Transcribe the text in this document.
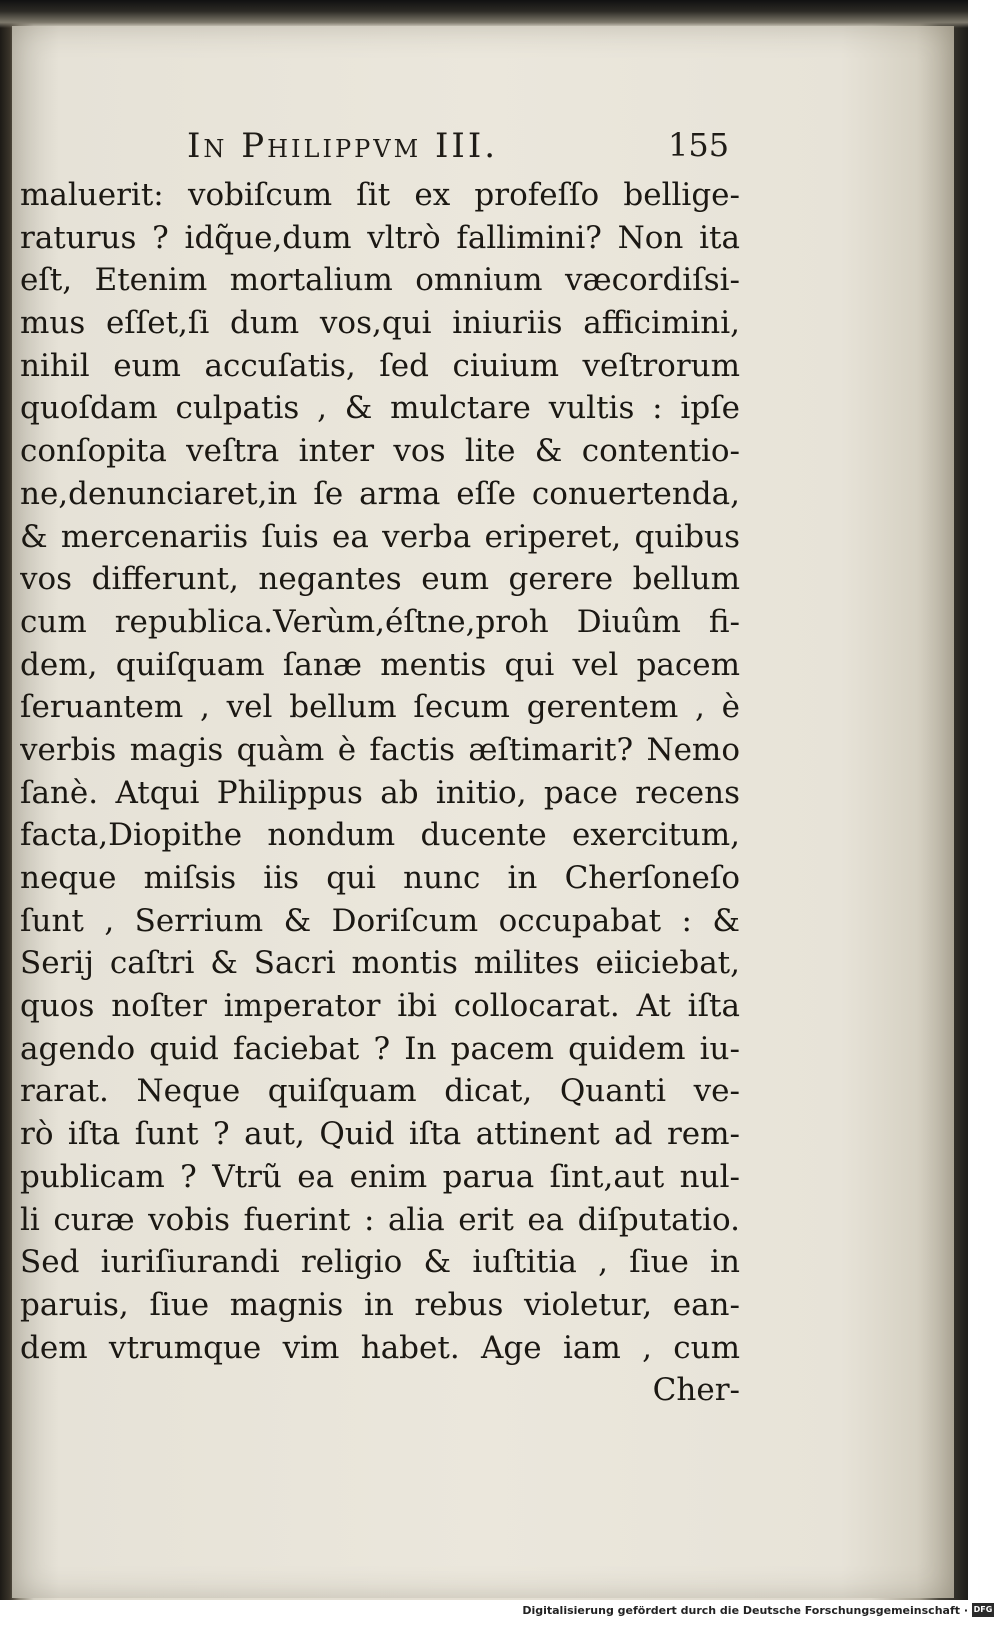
In Philippvm III.	155
maluerit: vobiſcum ſit ex profeſſo bellige-
raturus ? idq̃ue,dum vltrò fallimini? Non ita
eſt, Etenim mortalium omnium væcordiſsi-
mus eſſet,ſi dum vos,qui iniuriis afficimini,
nihil eum accuſatis, ſed ciuium veſtrorum
quoſdam culpatis , & mulctare vultis : ipſe
conſopita veſtra inter vos lite & contentio-
ne,denunciaret,in ſe arma eſſe conuertenda,
& mercenariis ſuis ea verba eriperet, quibus
vos differunt, negantes eum gerere bellum
cum republica.Verùm,éſtne,proh Diuûm fi-
dem, quiſquam ſanæ mentis qui vel pacem
ſeruantem , vel bellum ſecum gerentem , è
verbis magis quàm è factis æſtimarit? Nemo
ſanè. Atqui Philippus ab initio, pace recens
facta,Diopithe nondum ducente exercitum,
neque miſsis iis qui nunc in Cherſoneſo
ſunt , Serrium & Doriſcum occupabat : &
Serij caſtri & Sacri montis milites eiiciebat,
quos noſter imperator ibi collocarat. At iſta
agendo quid faciebat ? In pacem quidem iu-
rarat. Neque quiſquam dicat, Quanti ve-
rò iſta ſunt ? aut, Quid iſta attinent ad rem-
publicam ? Vtrũ ea enim parua ſint,aut nul-
li curæ vobis fuerint : alia erit ea diſputatio.
Sed iuriſiurandi religio & iuſtitia , ſiue in
paruis, ſiue magnis in rebus violetur, ean-
dem vtrumque vim habet. Age iam , cum
Cher-
Digitalisierung gefördert durch die Deutsche Forschungsgemeinschaft · DFG
